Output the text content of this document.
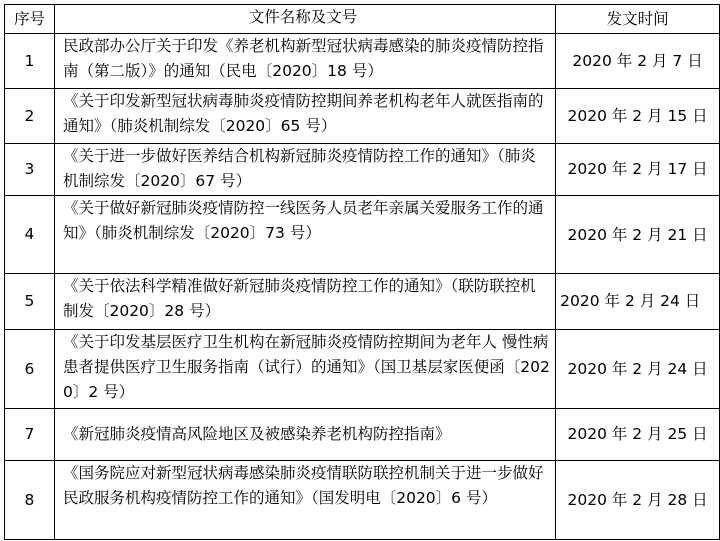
序号	文件名称及文号	发文时间
1	民政部办公厅关于印发《养老机构新型冠状病毒感染的肺炎疫情防控指南（第二版）》的通知（民电〔2020〕18 号）	2020 年 2 月 7 日
2	《关于印发新型冠状病毒肺炎疫情防控期间养老机构老年人就医指南的通知》（肺炎机制综发〔2020〕65 号）	2020 年 2 月 15 日
3	《关于进一步做好医养结合机构新冠肺炎疫情防控工作的通知》（肺炎机制综发〔2020〕67 号）	2020 年 2 月 17 日
4	《关于做好新冠肺炎疫情防控一线医务人员老年亲属关爱服务工作的通知》（肺炎机制综发〔2020〕73 号）	2020 年 2 月 21 日
5	《关于依法科学精准做好新冠肺炎疫情防控工作的通知》（联防联控机制发〔2020〕28 号）	2020 年 2 月 24 日
6	《关于印发基层医疗卫生机构在新冠肺炎疫情防控期间为老年人 慢性病患者提供医疗卫生服务指南（试行）的通知》（国卫基层家医便函〔2020〕2 号）	2020 年 2 月 24 日
7	《新冠肺炎疫情高风险地区及被感染养老机构防控指南》	2020 年 2 月 25 日
8	《国务院应对新型冠状病毒感染肺炎疫情联防联控机制关于进一步做好民政服务机构疫情防控工作的通知》（国发明电〔2020〕6 号）	2020 年 2 月 28 日
